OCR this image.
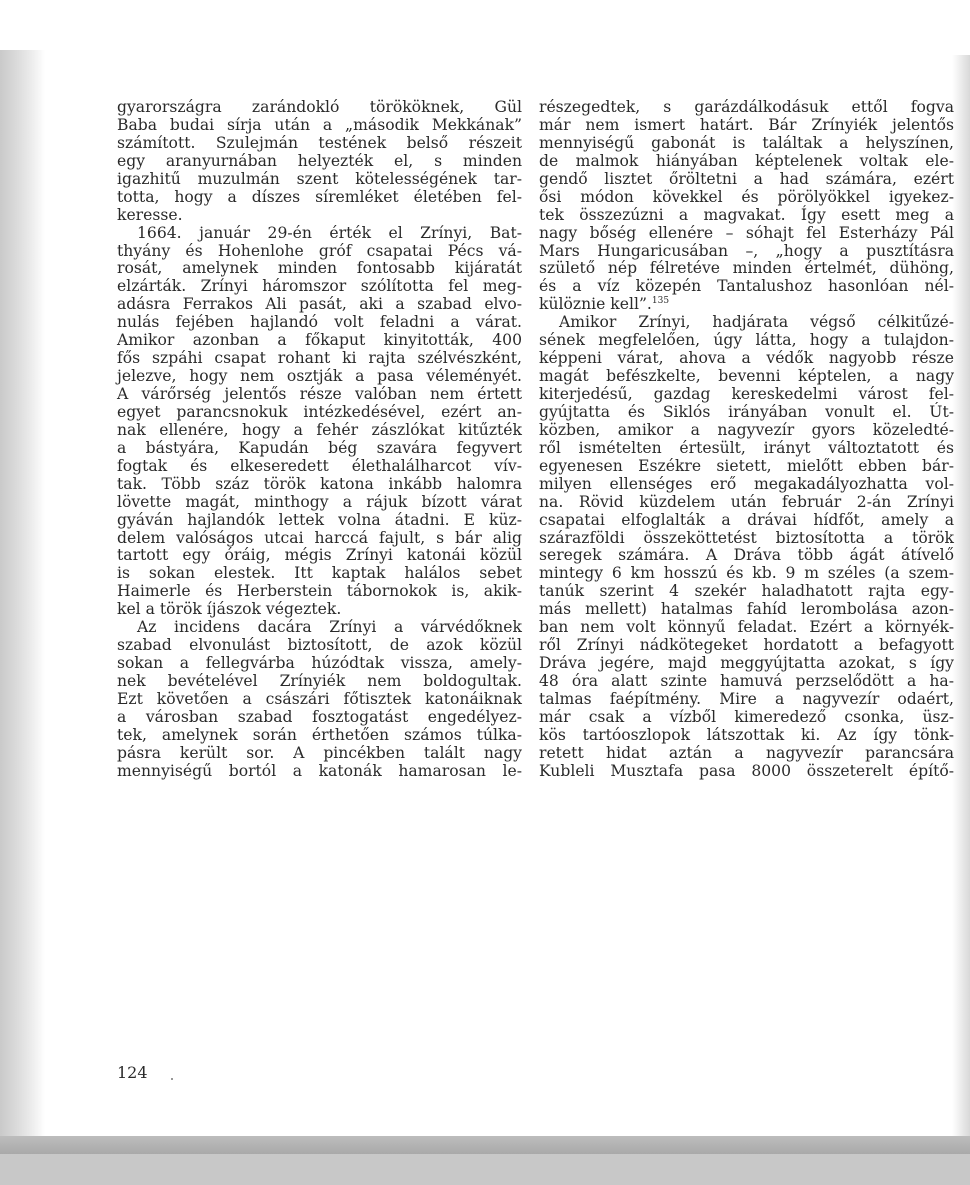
gyarországra zarándokló törököknek, Gül
Baba budai sírja után a „második Mekkának”
számított. Szulejmán testének belső részeit
egy aranyurnában helyezték el, s minden
igazhitű muzulmán szent kötelességének tar-
totta, hogy a díszes síremléket életében fel-
keresse.
1664. január 29-én érték el Zrínyi, Bat-
thyány és Hohenlohe gróf csapatai Pécs vá-
rosát, amelynek minden fontosabb kijáratát
elzárták. Zrínyi háromszor szólította fel meg-
adásra Ferrakos Ali pasát, aki a szabad elvo-
nulás fejében hajlandó volt feladni a várat.
Amikor azonban a főkaput kinyitották, 400
fős szpáhi csapat rohant ki rajta szélvészként,
jelezve, hogy nem osztják a pasa véleményét.
A várőrség jelentős része valóban nem értett
egyet parancsnokuk intézkedésével, ezért an-
nak ellenére, hogy a fehér zászlókat kitűzték
a bástyára, Kapudán bég szavára fegyvert
fogtak és elkeseredett élethalálharcot vív-
tak. Több száz török katona inkább halomra
lövette magát, minthogy a rájuk bízott várat
gyáván hajlandók lettek volna átadni. E küz-
delem valóságos utcai harccá fajult, s bár alig
tartott egy óráig, mégis Zrínyi katonái közül
is sokan elestek. Itt kaptak halálos sebet
Haimerle és Herberstein tábornokok is, akik-
kel a török íjászok végeztek.
Az incidens dacára Zrínyi a várvédőknek
szabad elvonulást biztosított, de azok közül
sokan a fellegvárba húzódtak vissza, amely-
nek bevételével Zrínyiék nem boldogultak.
Ezt követően a császári főtisztek katonáiknak
a városban szabad fosztogatást engedélyez-
tek, amelynek során érthetően számos túlka-
pásra került sor. A pincékben talált nagy
mennyiségű bortól a katonák hamarosan le-
részegedtek, s garázdálkodásuk ettől fogva
már nem ismert határt. Bár Zrínyiék jelentős
mennyiségű gabonát is találtak a helyszínen,
de malmok hiányában képtelenek voltak ele-
gendő lisztet őröltetni a had számára, ezért
ősi módon kövekkel és pörölyökkel igyekez-
tek összezúzni a magvakat. Így esett meg a
nagy bőség ellenére – sóhajt fel Esterházy Pál
Mars Hungaricusában –, „hogy a pusztításra
születő nép félretéve minden értelmét, dühöng,
és a víz közepén Tantalushoz hasonlóan nél-
külöznie kell”.$^{135}$
Amikor Zrínyi, hadjárata végső célkitűzé-
sének megfelelően, úgy látta, hogy a tulajdon-
képpeni várat, ahova a védők nagyobb része
magát befészkelte, bevenni képtelen, a nagy
kiterjedésű, gazdag kereskedelmi várost fel-
gyújtatta és Siklós irányában vonult el. Út-
közben, amikor a nagyvezír gyors közeledté-
ről ismételten értesült, irányt változtatott és
egyenesen Eszékre sietett, mielőtt ebben bár-
milyen ellenséges erő megakadályozhatta vol-
na. Rövid küzdelem után február 2-án Zrínyi
csapatai elfoglalták a drávai hídfőt, amely a
szárazföldi összeköttetést biztosította a török
seregek számára. A Dráva több ágát átívelő
mintegy 6 km hosszú és kb. 9 m széles (a szem-
tanúk szerint 4 szekér haladhatott rajta egy-
más mellett) hatalmas fahíd lerombolása azon-
ban nem volt könnyű feladat. Ezért a környék-
ről Zrínyi nádkötegeket hordatott a befagyott
Dráva jegére, majd meggyújtatta azokat, s így
48 óra alatt szinte hamuvá perzselődött a ha-
talmas faépítmény. Mire a nagyvezír odaért,
már csak a vízből kimeredező csonka, üsz-
kös tartóoszlopok látszottak ki. Az így tönk-
retett hidat aztán a nagyvezír parancsára
Kubleli Musztafa pasa 8000 összeterelt építő-
124
